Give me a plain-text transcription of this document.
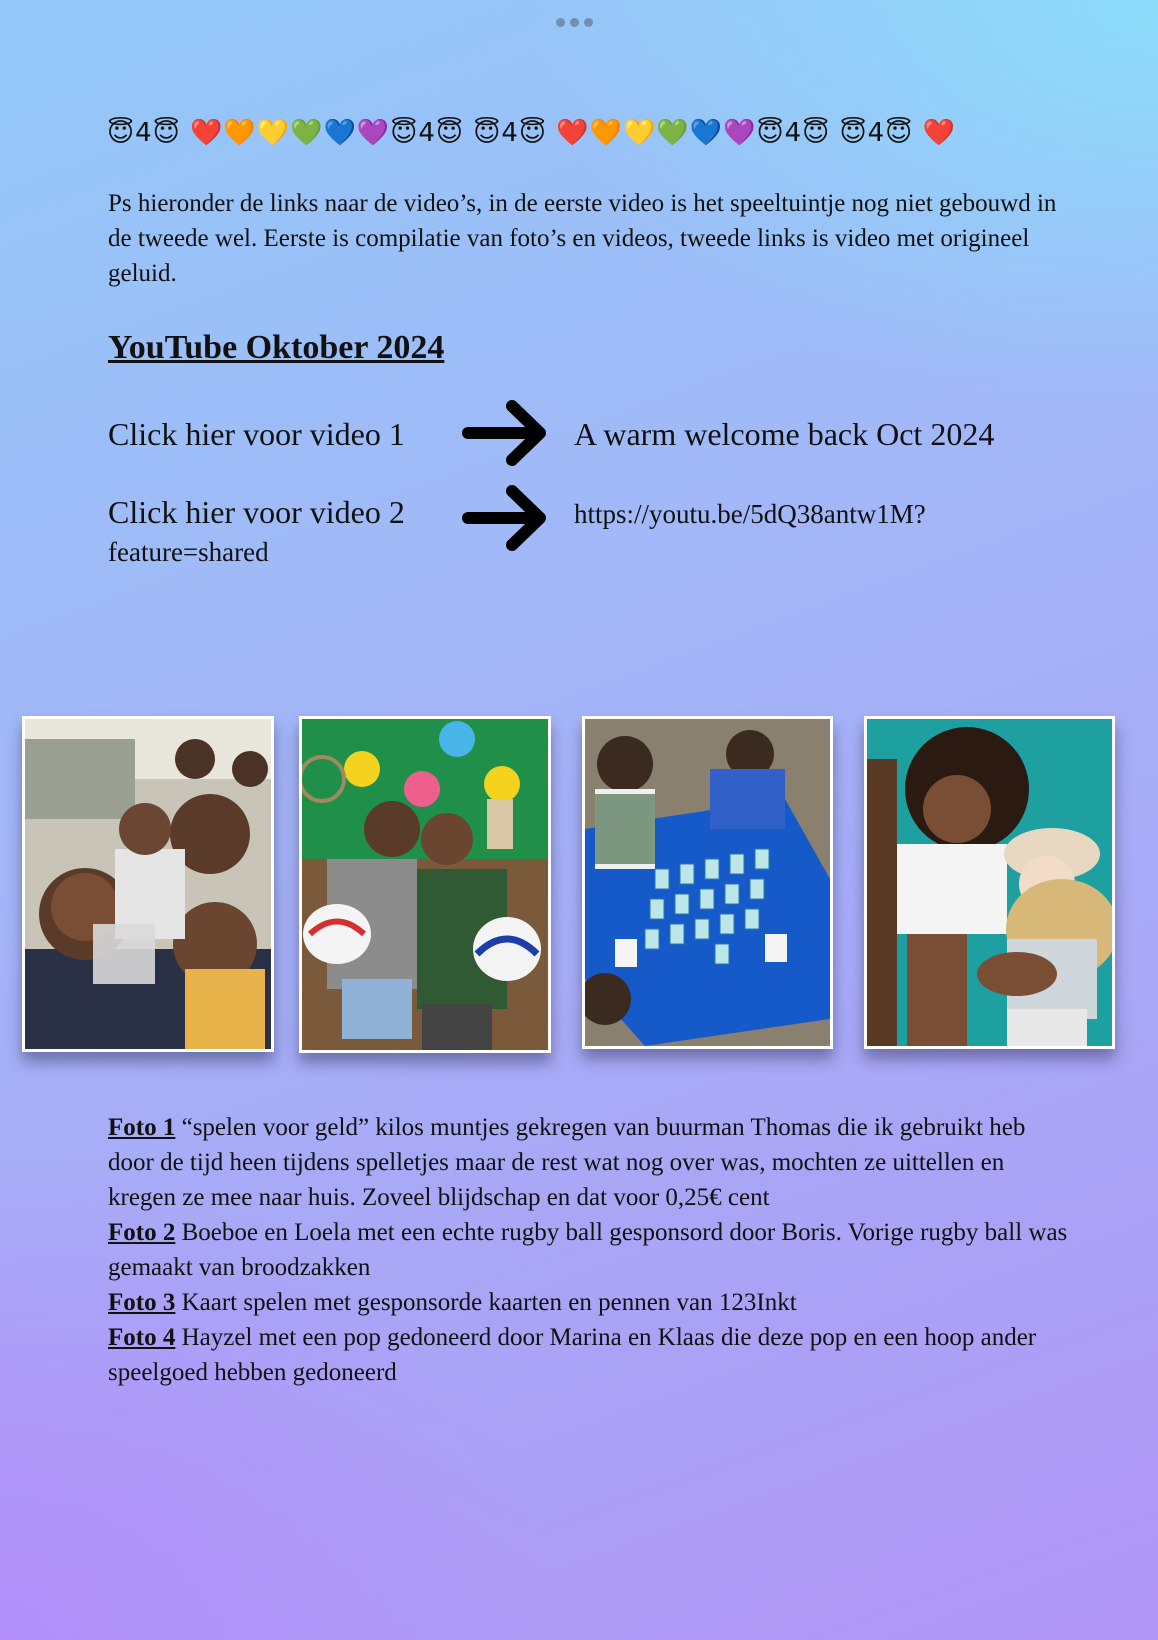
😇4😇 ❤️🧡💛💚💙💜😇4😇 😇4😇 ❤️🧡💛💚💙💜😇4😇 😇4😇 ❤️

Ps hieronder de links naar de video’s, in de eerste video is het speeltuintje nog niet gebouwd in de tweede wel. Eerste is compilatie van foto’s en videos, tweede links is video met origineel geluid.

YouTube Oktober 2024
Click hier voor video 1	A warm welcome back Oct 2024
Click hier voor video 2	https://youtu.be/5dQ38antw1M?
feature=shared
Foto 1 “spelen voor geld” kilos muntjes gekregen van buurman Thomas die ik gebruikt heb door de tijd heen tijdens spelletjes maar de rest wat nog over was, mochten ze uittellen en kregen ze mee naar huis. Zoveel blijdschap en dat voor 0,25€ cent
Foto 2 Boeboe en Loela met een echte rugby ball gesponsord door Boris. Vorige rugby ball was gemaakt van broodzakken
Foto 3 Kaart spelen met gesponsorde kaarten en pennen van 123Inkt
Foto 4 Hayzel met een pop gedoneerd door Marina en Klaas die deze pop en een hoop ander speelgoed hebben gedoneerd
